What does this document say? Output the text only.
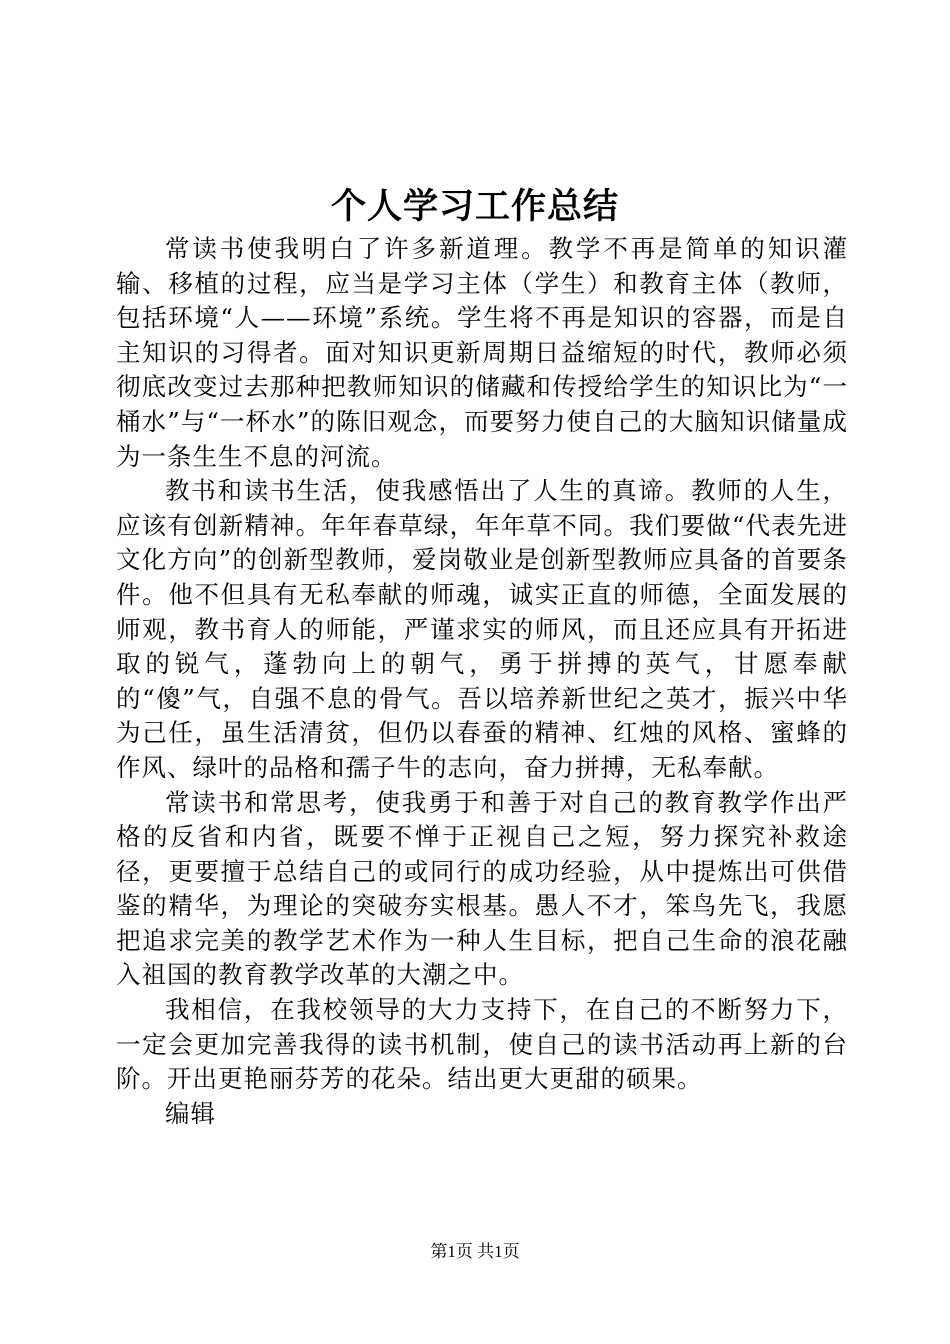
个人学习工作总结

常读书使我明白了许多新道理。教学不再是简单的知识灌输、移植的过程，应当是学习主体（学生）和教育主体（教师，包括环境“人——环境”系统。学生将不再是知识的容器，而是自主知识的习得者。面对知识更新周期日益缩短的时代，教师必须彻底改变过去那种把教师知识的储藏和传授给学生的知识比为“一桶水”与“一杯水”的陈旧观念，而要努力使自己的大脑知识储量成为一条生生不息的河流。

教书和读书生活，使我感悟出了人生的真谛。教师的人生，应该有创新精神。年年春草绿，年年草不同。我们要做“代表先进文化方向”的创新型教师，爱岗敬业是创新型教师应具备的首要条件。他不但具有无私奉献的师魂，诚实正直的师德，全面发展的师观，教书育人的师能，严谨求实的师风，而且还应具有开拓进取的锐气，蓬勃向上的朝气，勇于拼搏的英气，甘愿奉献的“傻”气，自强不息的骨气。吾以培养新世纪之英才，振兴中华为己任，虽生活清贫，但仍以春蚕的精神、红烛的风格、蜜蜂的作风、绿叶的品格和孺子牛的志向，奋力拼搏，无私奉献。

常读书和常思考，使我勇于和善于对自己的教育教学作出严格的反省和内省，既要不惮于正视自己之短，努力探究补救途径，更要擅于总结自己的或同行的成功经验，从中提炼出可供借鉴的精华，为理论的突破夯实根基。愚人不才，笨鸟先飞，我愿把追求完美的教学艺术作为一种人生目标，把自己生命的浪花融入祖国的教育教学改革的大潮之中。

我相信，在我校领导的大力支持下，在自己的不断努力下，一定会更加完善我得的读书机制，使自己的读书活动再上新的台阶。开出更艳丽芬芳的花朵。结出更大更甜的硕果。

编辑

第1页 共1页
